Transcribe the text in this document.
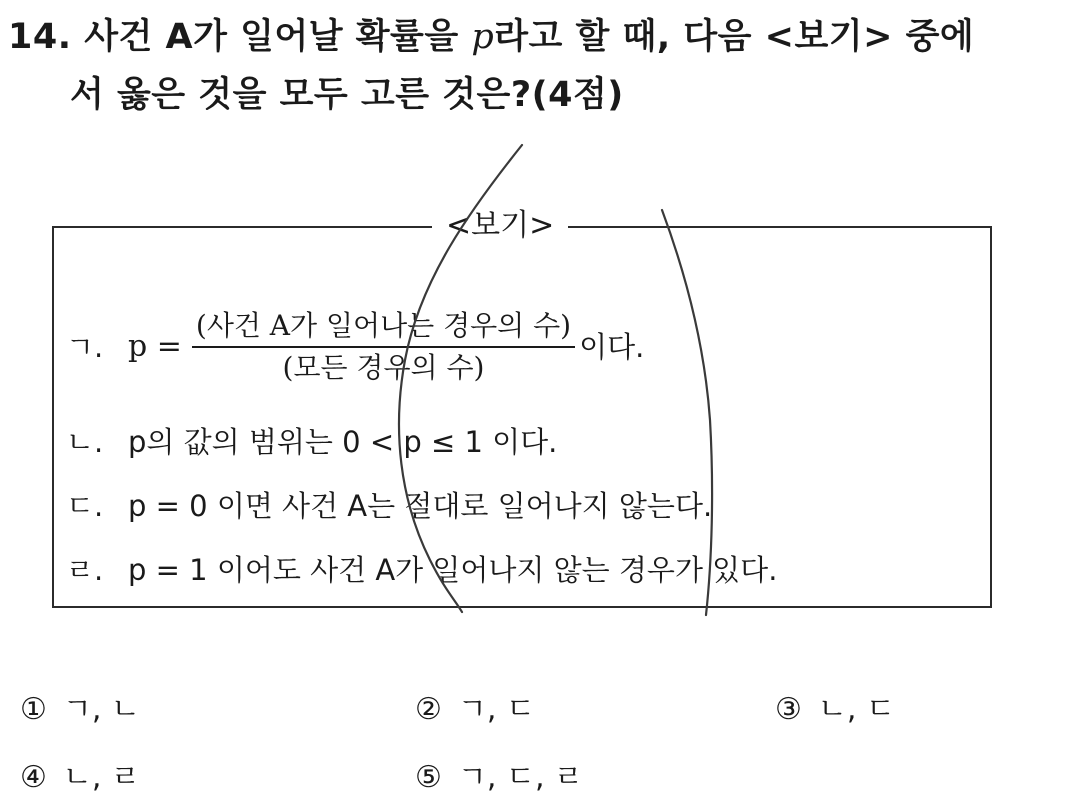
14. 사건 A가 일어날 확률을 p라고 할 때, 다음 <보기> 중에
서 옳은 것을 모두 고른 것은?(4점)
<보기>
ㄱ. $p = \frac{\text{(사건 A가 일어나는 경우의 수)}}{\text{(모든 경우의 수)}}$ 이다.
ㄴ. p의 값의 범위는 0 < p ≤ 1 이다.
ㄷ. p = 0 이면 사건 A는 절대로 일어나지 않는다.
ㄹ. p = 1 이어도 사건 A가 일어나지 않는 경우가 있다.
① ㄱ, ㄴ	② ㄱ, ㄷ	③ ㄴ, ㄷ
④ ㄴ, ㄹ	⑤ ㄱ, ㄷ, ㄹ
